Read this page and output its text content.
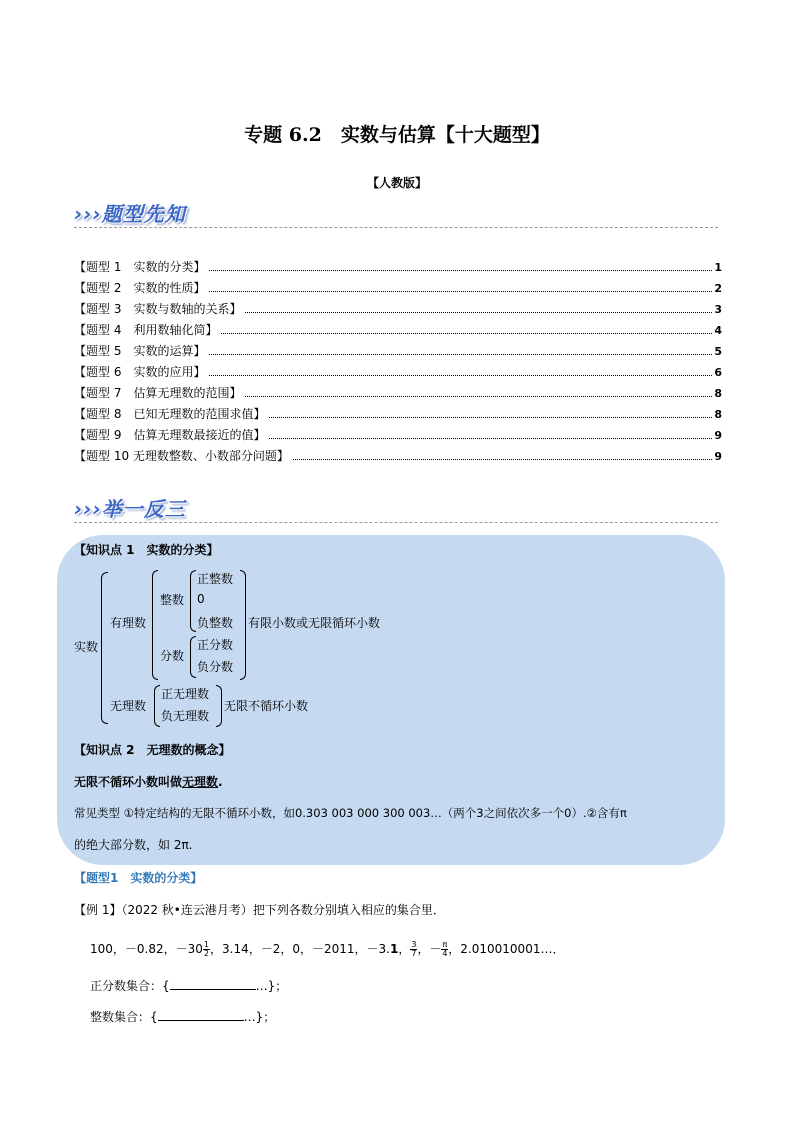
专题 6.2　实数与估算【十大题型】
【人教版】
›››题型先知
【题型 1　实数的分类】	1
【题型 2　实数的性质】	2
【题型 3　实数与数轴的关系】	3
【题型 4　利用数轴化简】	4
【题型 5　实数的运算】	5
【题型 6　实数的应用】	6
【题型 7　估算无理数的范围】	8
【题型 8　已知无理数的范围求值】	8
【题型 9　估算无理数最接近的值】	9
【题型 10 无理数整数、小数部分问题】	9
›››举一反三
【知识点 1　实数的分类】
实数
有理数
整数
正整数
0
负整数
分数
正分数
负分数
有限小数或无限循环小数
无理数
正无理数
负无理数
无限不循环小数
【知识点 2　无理数的概念】
无限不循环小数叫做无理数.
常见类型 ①特定结构的无限不循环小数，如0.303 003 000 300 003…（两个3之间依次多一个0）.②含有π
的绝大部分数，如 2π.
【题型1　实数的分类】
【例 1】（2022 秋•连云港月考）把下列各数分别填入相应的集合里．
100，－0.82，$-30 \frac{1}{2}$ ，3.14，－2，0，－2011，－3.1， $\frac{3}{7}$ ，－ $\frac{\pi}{4}$ ，2.010010001…．
正分数集合：{	…}；
整数集合：{	…}；
